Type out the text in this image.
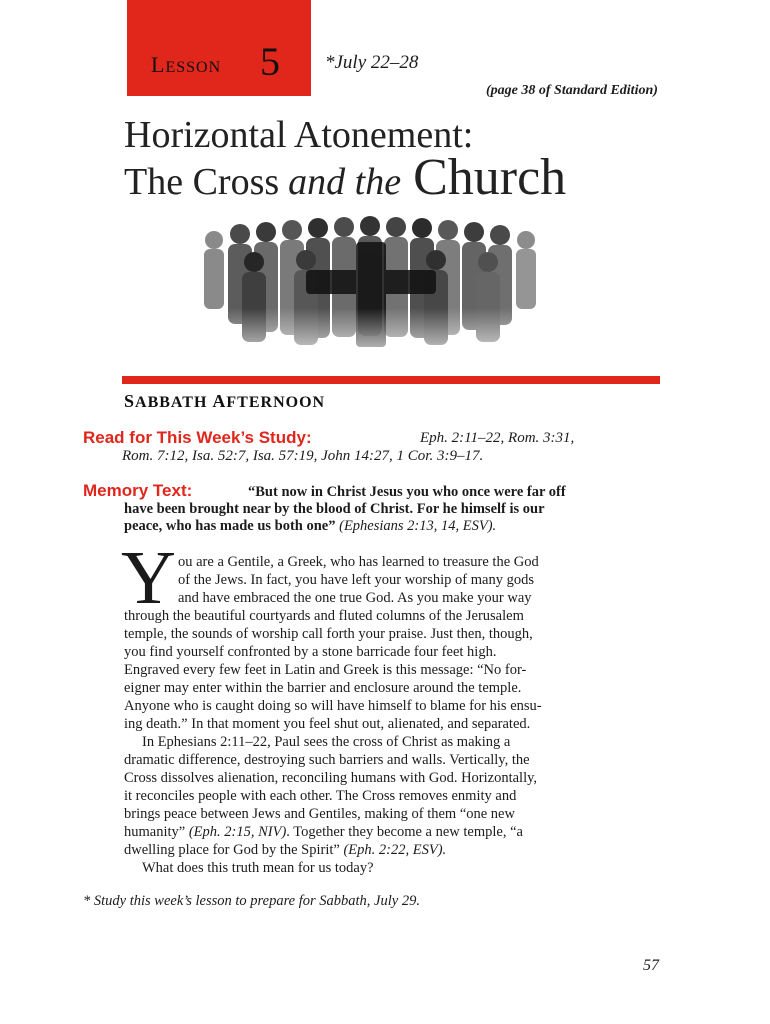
LESSON 5 *July 22–28
(page 38 of Standard Edition)
Horizontal Atonement:
The Cross and the Church
SABBATH AFTERNOON
Read for This Week’s Study:	Eph. 2:11–22, Rom. 3:31,
Rom. 7:12, Isa. 52:7, Isa. 57:19, John 14:27, 1 Cor. 3:9–17.
Memory Text:	“But now in Christ Jesus you who once were far off
have been brought near by the blood of Christ. For he himself is our
peace, who has made us both one” (Ephesians 2:13, 14, ESV).
Y ou are a Gentile, a Greek, who has learned to treasure the God
of the Jews. In fact, you have left your worship of many gods
and have embraced the one true God. As you make your way
through the beautiful courtyards and fluted columns of the Jerusalem
temple, the sounds of worship call forth your praise. Just then, though,
you find yourself confronted by a stone barricade four feet high.
Engraved every few feet in Latin and Greek is this message: “No for-
eigner may enter within the barrier and enclosure around the temple.
Anyone who is caught doing so will have himself to blame for his ensu-
ing death.” In that moment you feel shut out, alienated, and separated.
In Ephesians 2:11–22, Paul sees the cross of Christ as making a
dramatic difference, destroying such barriers and walls. Vertically, the
Cross dissolves alienation, reconciling humans with God. Horizontally,
it reconciles people with each other. The Cross removes enmity and
brings peace between Jews and Gentiles, making of them “one new
humanity” (Eph. 2:15, NIV). Together they become a new temple, “a
dwelling place for God by the Spirit” (Eph. 2:22, ESV).
What does this truth mean for us today?
* Study this week’s lesson to prepare for Sabbath, July 29.
57
